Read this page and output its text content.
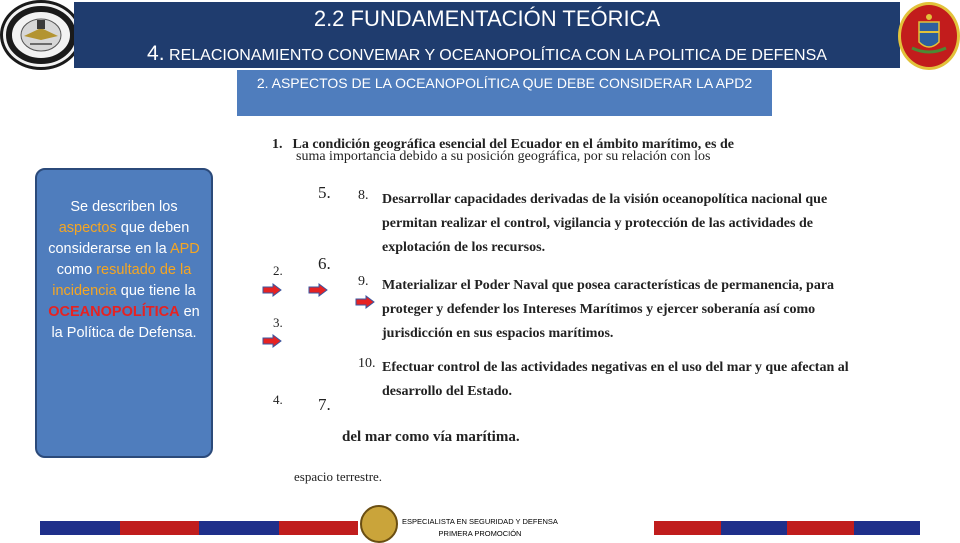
2.2 FUNDAMENTACIÓN TEÓRICA
4. RELACIONAMIENTO CONVEMAR Y OCEANOPOLÍTICA CON LA POLITICA DE DEFENSA
2. ASPECTOS DE LA OCEANOPOLÍTICA QUE DEBE CONSIDERAR LA APD2
Se describen los aspectos que deben considerarse en la APD como resultado de la incidencia que tiene la OCEANOPOLÍTICA en la Política de Defensa.
1. La condición geográfica esencial del Ecuador en el ámbito marítimo, es de
suma importancia debido a su posición geográfica, por su relación con los
5.
6.
7.
2.
3.
4.
8. Desarrollar capacidades derivadas de la visión oceanopolítica nacional que
permitan realizar el control, vigilancia y protección de las actividades de
explotación de los recursos.
9. Materializar el Poder Naval que posea características de permanencia, para
proteger y defender los Intereses Marítimos y ejercer soberanía así como
jurisdicción en sus espacios marítimos.
10. Efectuar control de las actividades negativas en el uso del mar y que afectan al
desarrollo del Estado.
del mar como vía marítima.
espacio terrestre.
ESPECIALISTA EN SEGURIDAD Y DEFENSA
PRIMERA PROMOCIÓN
